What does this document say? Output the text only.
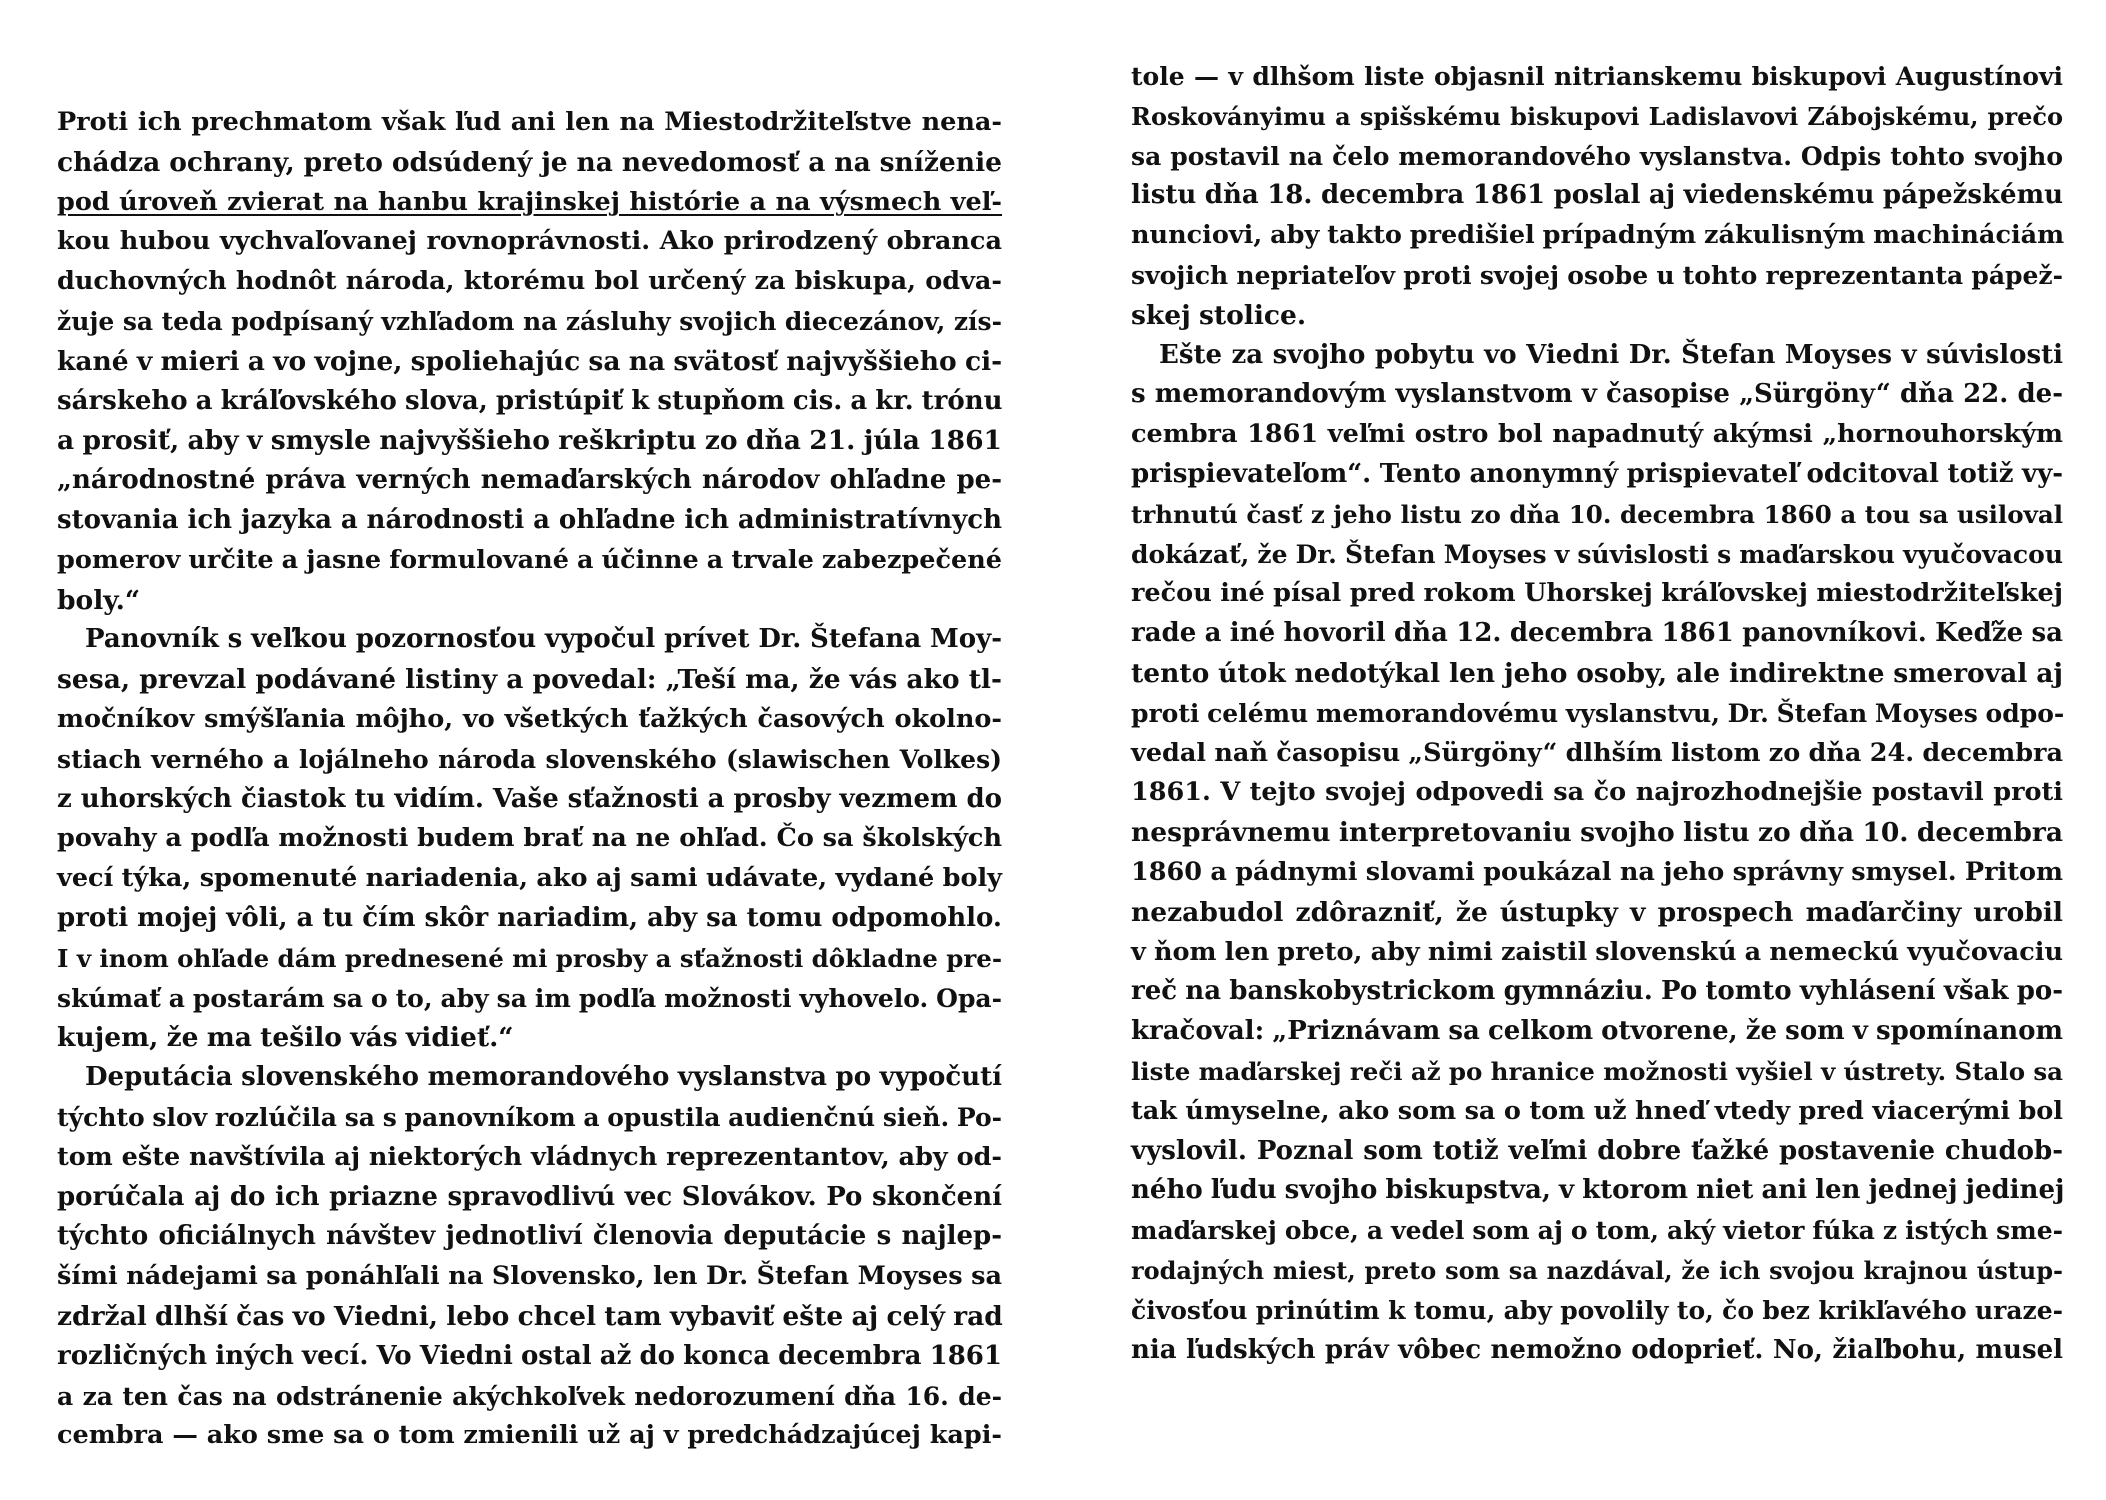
Proti ich prechmatom však ľud ani len na Miestodržiteľstve nena-
chádza ochrany, preto odsúdený je na nevedomosť a na sníženie
pod úroveň zvierat na hanbu krajinskej histórie a na výsmech veľ-
kou hubou vychvaľovanej rovnoprávnosti. Ako prirodzený obranca
duchovných hodnôt národa, ktorému bol určený za biskupa, odva-
žuje sa teda podpísaný vzhľadom na zásluhy svojich diecezánov, zís-
kané v mieri a vo vojne, spoliehajúc sa na svätosť najvyššieho ci-
sárskeho a kráľovského slova, pristúpiť k stupňom cis. a kr. trónu
a prosiť, aby v smysle najvyššieho reškriptu zo dňa 21. júla 1861
„národnostné práva verných nemaďarských národov ohľadne pe-
stovania ich jazyka a národnosti a ohľadne ich administratívnych
pomerov určite a jasne formulované a účinne a trvale zabezpečené
boly.“
Panovník s veľkou pozornosťou vypočul prívet Dr. Štefana Moy-
sesa, prevzal podávané listiny a povedal: „Teší ma, že vás ako tl-
močníkov smýšľania môjho, vo všetkých ťažkých časových okolno-
stiach verného a lojálneho národa slovenského (slawischen Volkes)
z uhorských čiastok tu vidím. Vaše sťažnosti a prosby vezmem do
povahy a podľa možnosti budem brať na ne ohľad. Čo sa školských
vecí týka, spomenuté nariadenia, ako aj sami udávate, vydané boly
proti mojej vôli, a tu čím skôr nariadim, aby sa tomu odpomohlo.
I v inom ohľade dám prednesené mi prosby a sťažnosti dôkladne pre-
skúmať a postarám sa o to, aby sa im podľa možnosti vyhovelo. Opa-
kujem, že ma tešilo vás vidieť.“
Deputácia slovenského memorandového vyslanstva po vypočutí
týchto slov rozlúčila sa s panovníkom a opustila audienčnú sieň. Po-
tom ešte navštívila aj niektorých vládnych reprezentantov, aby od-
porúčala aj do ich priazne spravodlivú vec Slovákov. Po skončení
týchto oficiálnych návštev jednotliví členovia deputácie s najlep-
šími nádejami sa ponáhľali na Slovensko, len Dr. Štefan Moyses sa
zdržal dlhší čas vo Viedni, lebo chcel tam vybaviť ešte aj celý rad
rozličných iných vecí. Vo Viedni ostal až do konca decembra 1861
a za ten čas na odstránenie akýchkoľvek nedorozumení dňa 16. de-
cembra — ako sme sa o tom zmienili už aj v predchádzajúcej kapi-
tole — v dlhšom liste objasnil nitrianskemu biskupovi Augustínovi
Roskoványimu a spišskému biskupovi Ladislavovi Zábojskému, prečo
sa postavil na čelo memorandového vyslanstva. Odpis tohto svojho
listu dňa 18. decembra 1861 poslal aj viedenskému pápežskému
nunciovi, aby takto predišiel prípadným zákulisným machináciám
svojich nepriateľov proti svojej osobe u tohto reprezentanta pápež-
skej stolice.
Ešte za svojho pobytu vo Viedni Dr. Štefan Moyses v súvislosti
s memorandovým vyslanstvom v časopise „Sürgöny“ dňa 22. de-
cembra 1861 veľmi ostro bol napadnutý akýmsi „hornouhorským
prispievateľom“. Tento anonymný prispievateľ odcitoval totiž vy-
trhnutú časť z jeho listu zo dňa 10. decembra 1860 a tou sa usiloval
dokázať, že Dr. Štefan Moyses v súvislosti s maďarskou vyučovacou
rečou iné písal pred rokom Uhorskej kráľovskej miestodržiteľskej
rade a iné hovoril dňa 12. decembra 1861 panovníkovi. Keďže sa
tento útok nedotýkal len jeho osoby, ale indirektne smeroval aj
proti celému memorandovému vyslanstvu, Dr. Štefan Moyses odpo-
vedal naň časopisu „Sürgöny“ dlhším listom zo dňa 24. decembra
1861. V tejto svojej odpovedi sa čo najrozhodnejšie postavil proti
nesprávnemu interpretovaniu svojho listu zo dňa 10. decembra
1860 a pádnymi slovami poukázal na jeho správny smysel. Pritom
nezabudol zdôrazniť, že ústupky v prospech maďarčiny urobil
v ňom len preto, aby nimi zaistil slovenskú a nemeckú vyučovaciu
reč na banskobystrickom gymnáziu. Po tomto vyhlásení však po-
kračoval: „Priznávam sa celkom otvorene, že som v spomínanom
liste maďarskej reči až po hranice možnosti vyšiel v ústrety. Stalo sa
tak úmyselne, ako som sa o tom už hneď vtedy pred viacerými bol
vyslovil. Poznal som totiž veľmi dobre ťažké postavenie chudob-
ného ľudu svojho biskupstva, v ktorom niet ani len jednej jedinej
maďarskej obce, a vedel som aj o tom, aký vietor fúka z istých sme-
rodajných miest, preto som sa nazdával, že ich svojou krajnou ústup-
čivosťou prinútim k tomu, aby povolily to, čo bez krikľavého uraze-
nia ľudských práv vôbec nemožno odoprieť. No, žiaľbohu, musel
